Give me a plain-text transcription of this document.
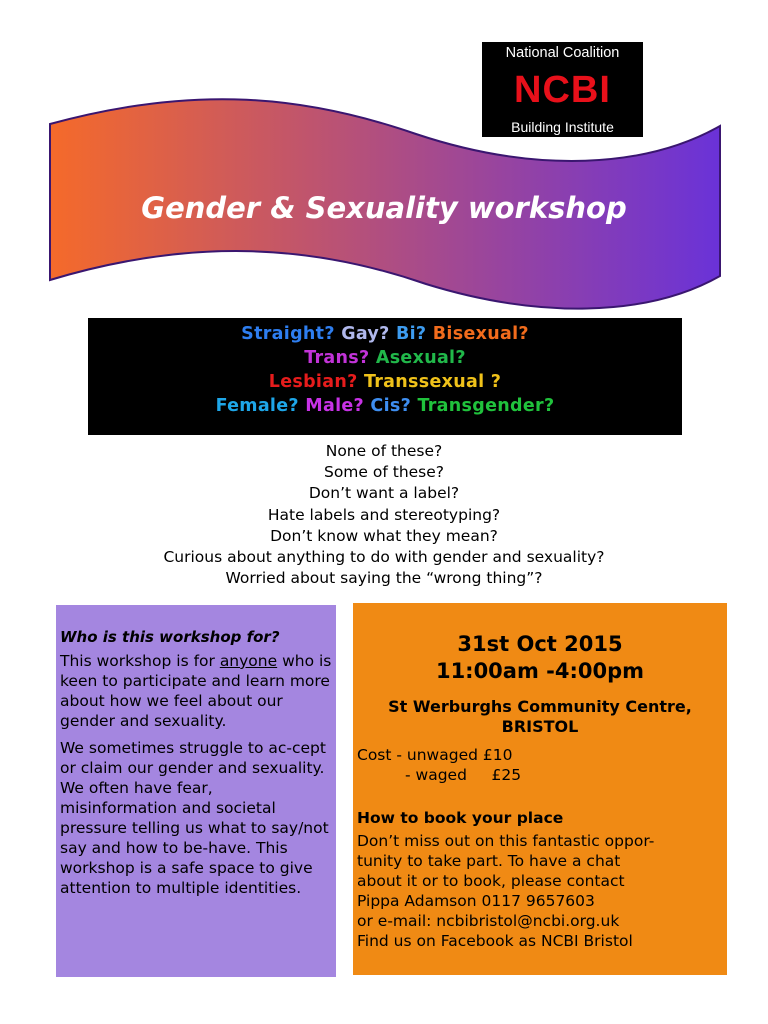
National Coalition
NCBI
Building Institute
Gender & Sexuality workshop
Straight? Gay? Bi? Bisexual?
Trans? Asexual?
Lesbian? Transsexual ?
Female? Male? Cis? Transgender?
None of these?
Some of these?
Don’t want a label?
Hate labels and stereotyping?
Don’t know what they mean?
Curious about anything to do with gender and sexuality?
Worried about saying the “wrong thing”?
Who is this workshop for?

This workshop is for anyone who is keen to participate and learn more about how we feel about our gender and sexuality.

We sometimes struggle to ac-cept or claim our gender and sexuality. We often have fear, misinformation and societal pressure telling us what to say/not say and how to be-have. This workshop is a safe space to give attention to multiple identities.

31st Oct 2015
11:00am -4:00pm
St Werburghs Community Centre,
BRISTOL
Cost - unwaged £10
- waged     £25
How to book your place
Don’t miss out on this fantastic oppor-
tunity to take part. To have a chat
about it or to book, please contact
Pippa Adamson 0117 9657603
or e-mail: ncbibristol@ncbi.org.uk
Find us on Facebook as NCBI Bristol
